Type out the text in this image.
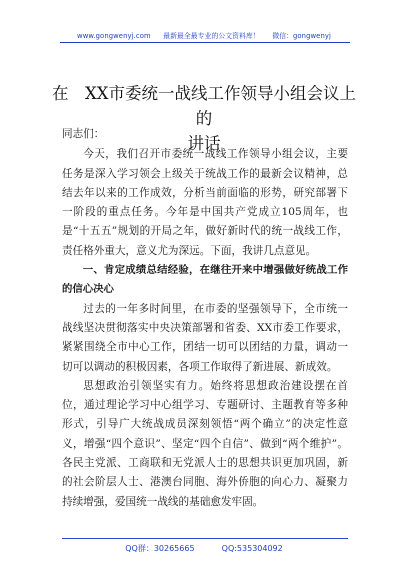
www.gongwenyj.com 最新最全最专业的公文资料库！ 微信：gongwenyj
在　XX市委统一战线工作领导小组会议上的
讲话

同志们：

今天，我们召开市委统一战线工作领导小组会议，主要任务是深入学习领会上级关于统战工作的最新会议精神，总结去年以来的工作成效，分析当前面临的形势，研究部署下一阶段的重点任务。今年是中国共产党成立105周年，也是“十五五”规划的开局之年，做好新时代的统一战线工作，责任格外重大，意义尤为深远。下面，我讲几点意见。

一、肯定成绩总结经验，在继往开来中增强做好统战工作的信心决心

过去的一年多时间里，在市委的坚强领导下，全市统一战线坚决贯彻落实中央决策部署和省委、XX市委工作要求，紧紧围绕全市中心工作，团结一切可以团结的力量，调动一切可以调动的积极因素，各项工作取得了新进展、新成效。

思想政治引领坚实有力。始终将思想政治建设摆在首位，通过理论学习中心组学习、专题研讨、主题教育等多种形式，引导广大统战成员深刻领悟“两个确立”的决定性意义，增强“四个意识”、坚定“四个自信”、做到“两个维护”。各民主党派、工商联和无党派人士的思想共识更加巩固，新的社会阶层人士、港澳台同胞、海外侨胞的向心力、凝聚力持续增强，爱国统一战线的基础愈发牢固。

QQ群：30265665	QQ:535304092
